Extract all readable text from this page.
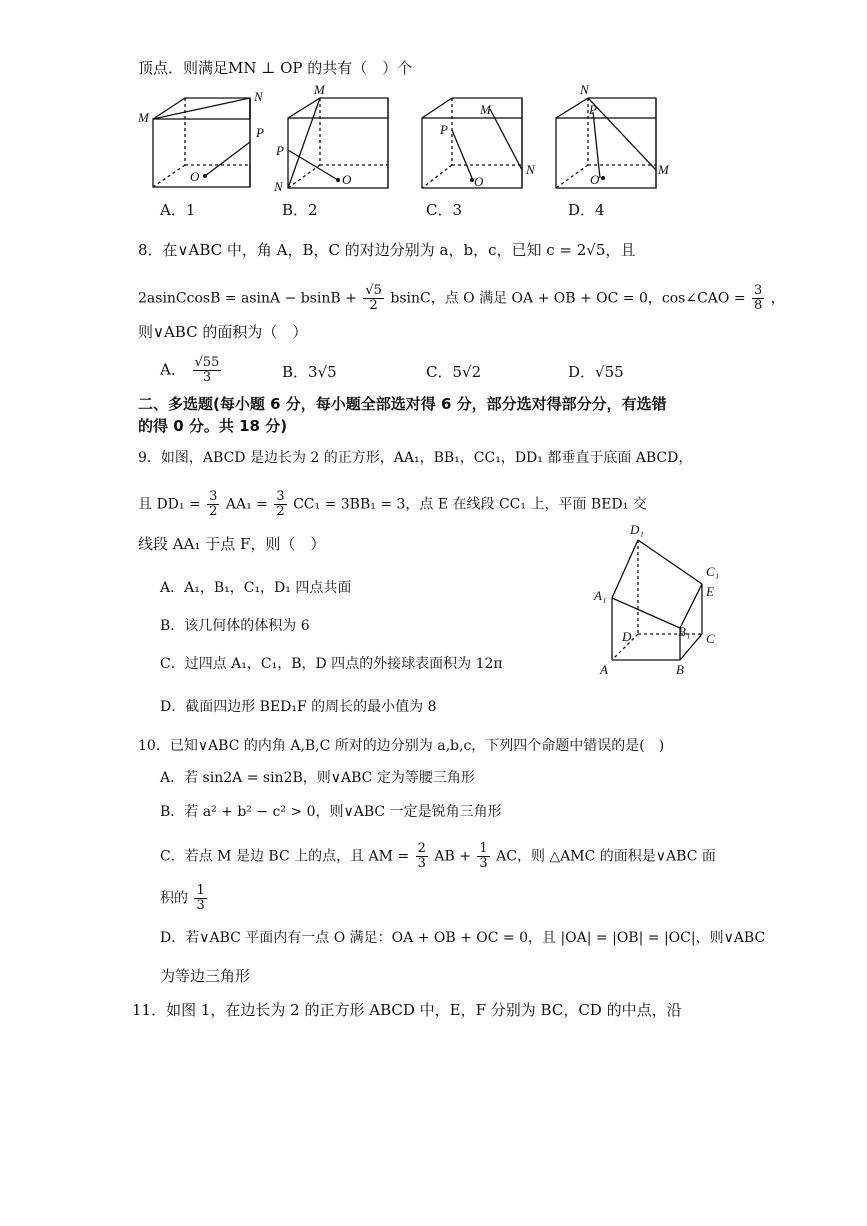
顶点．则满足MN ⊥ OP 的共有（　）个
M
N
P
O
M
P
N	O
P
M
O
N
N
P
O
M
A．1	B．2	C．3	D．4
8．在∨ABC 中，角 A，B，C 的对边分别为 a，b，c，已知 c = 2√5，且
2asinCcosB = $asinA - bsinB + \frac{√5}{2}$ bsinC，点 O 满足 OA + OB + OC = 0，cos∠CAO = $\frac{3}{8}$ ，
则∨ABC 的面积为（　）
A． $\frac{√55}{3}$	B．3√5	C．5√2	D．√55
二、多选题(每小题 6 分，每小题全部选对得 6 分，部分选对得部分分，有选错
的得 0 分。共 18 分)
9．如图，ABCD 是边长为 2 的正方形，AA₁，BB₁，CC₁，DD₁ 都垂直于底面 ABCD，
且 $DD_1 = \frac{3}{2} AA_1 = \frac{3}{2} CC_1 = 3BB_1 = 3$，点 E 在线段 CC₁ 上，平面 BED₁ 交
线段 AA₁ 于点 F，则（　）
A．A₁，B₁，C₁，D₁ 四点共面
B．该几何体的体积为 6
C．过四点 A₁，C₁，B，D 四点的外接球表面积为 12π
D．截面四边形 BED₁F 的周长的最小值为 8
D₁
C₁
A₁	E
D	B₁ C
A	B
10．已知∨ABC 的内角 A,B,C 所对的边分别为 a,b,c，下列四个命题中错误的是(　)
A．若 sin2A = sin2B，则∨ABC 定为等腰三角形
B．若 a² + b² − c² > 0，则∨ABC 一定是锐角三角形
C．若点 M 是边 BC 上的点，且 AM = $\frac{2}{3}$ AB + $\frac{1}{3}$ AC，则 △AMC 的面积是∨ABC 面
积的 $\frac{1}{3}$
D．若∨ABC 平面内有一点 O 满足：OA + OB + OC = 0，且 |OA| = |OB| = |OC|，则∨ABC
为等边三角形
11．如图 1，在边长为 2 的正方形 ABCD 中，E，F 分别为 BC，CD 的中点，沿
